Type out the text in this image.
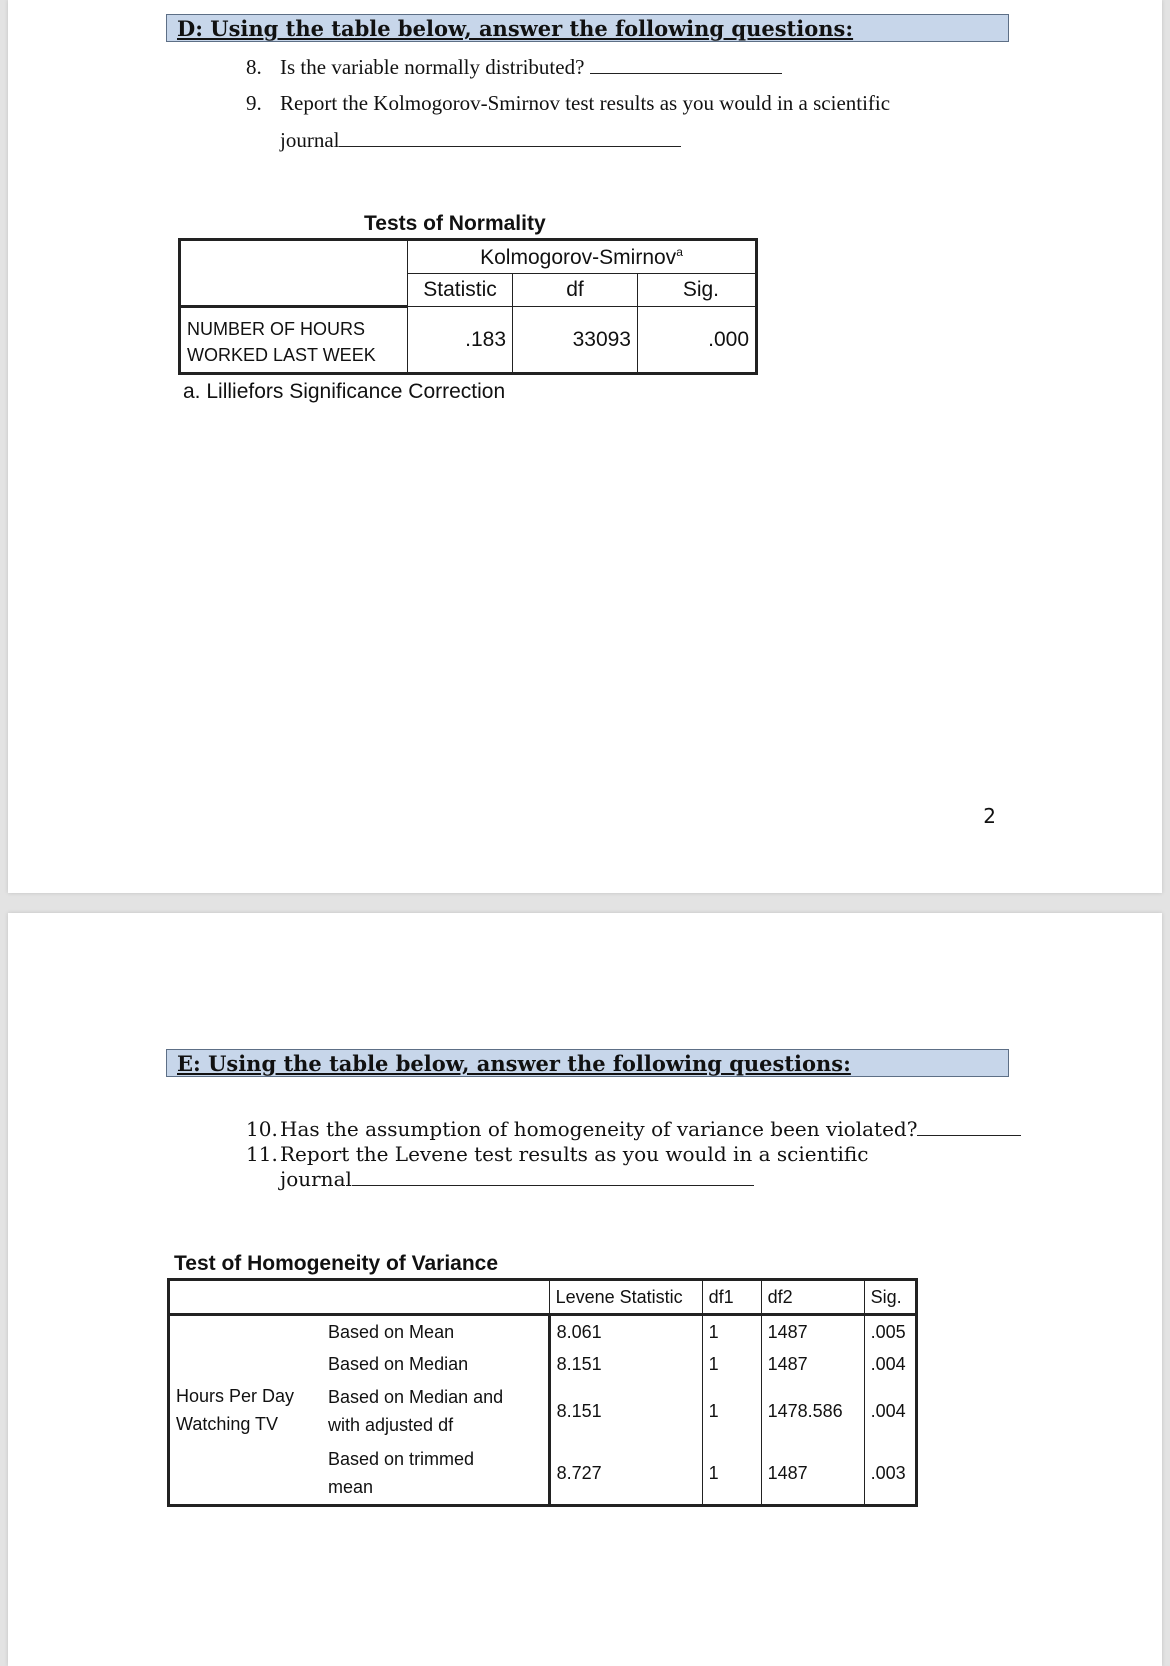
D: Using the table below, answer the following questions:
8. Is the variable normally distributed?
9. Report the Kolmogorov-Smirnov test results as you would in a scientific
journal
Tests of Normality
	Kolmogorov-Smirnov$^a$
	Statistic	df	Sig.

NUMBER OF HOURS
WORKED LAST WEEK	.183	33093	.000
a. Lilliefors Significance Correction
2
E: Using the table below, answer the following questions:
10. Has the assumption of homogeneity of variance been violated?
11. Report the Levene test results as you would in a scientific
journal
Test of Homogeneity of Variance
		Levene Statistic	df1	df2	Sig.

Hours Per Day
Watching TV	Based on Mean	8.061	1	1487	.005
	Based on Median	8.151	1	1487	.004

	Based on Median and
with adjusted df	8.151	1	1478.586	.004

	Based on trimmed
mean	8.727	1	1487	.003
